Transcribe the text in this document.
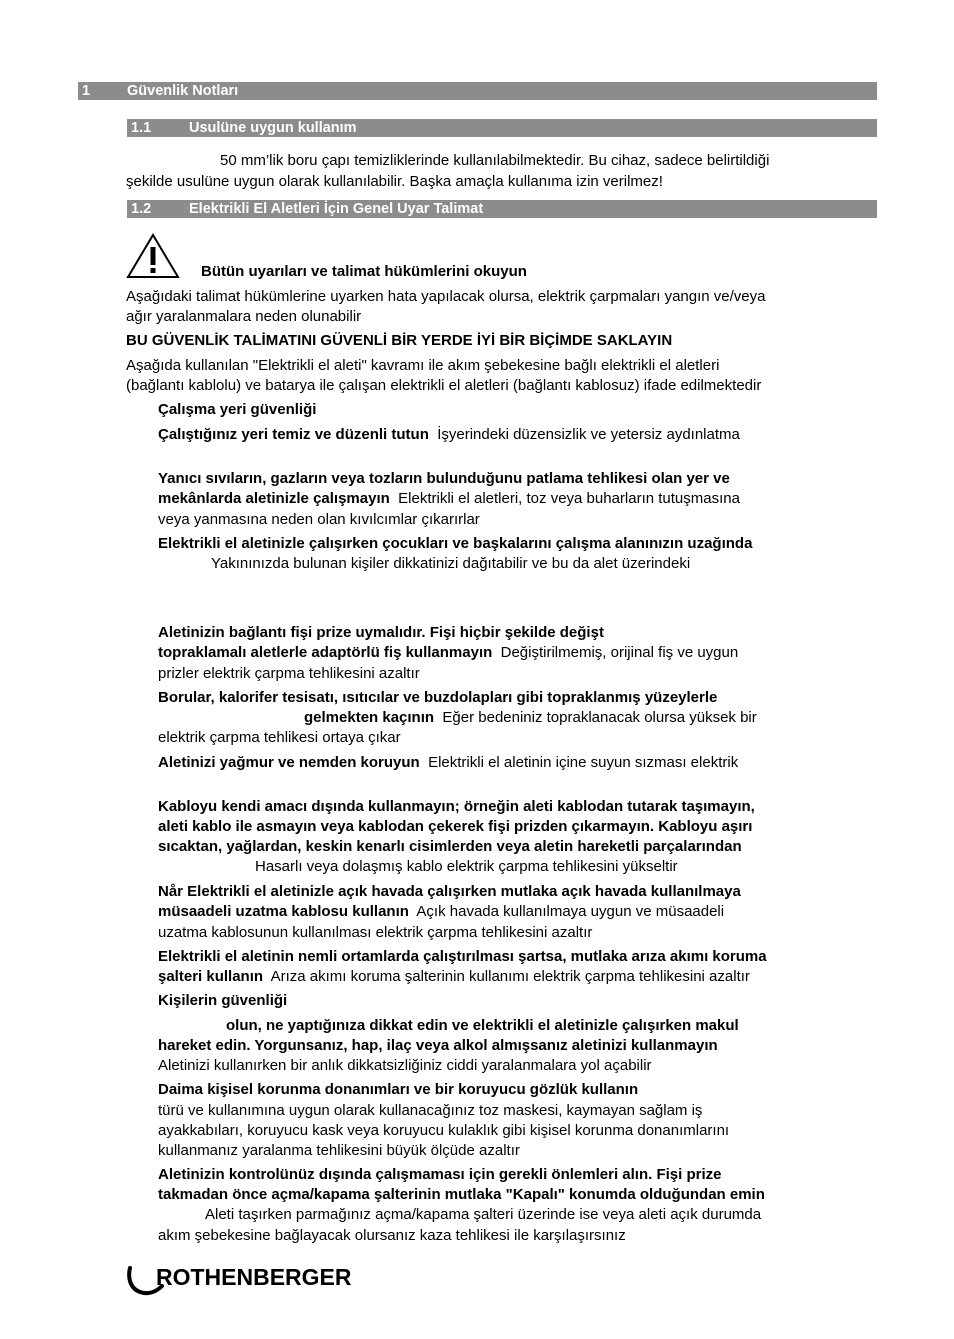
1	Güvenlik Notları
1.1	Usulüne uygun kullanım
50 mm’lik boru çapı temizliklerinde kullanılabilmektedir. Bu cihaz, sadece belirtildiği
şekilde usulüne uygun olarak kullanılabilir. Başka amaçla kullanıma izin verilmez!
1.2	Elektrikli El Aletleri İçin Genel Uyar Talimat
Bütün uyarıları ve talimat hükümlerini okuyun
Aşağıdaki talimat hükümlerine uyarken hata yapılacak olursa, elektrik çarpmaları yangın ve/veya
ağır yaralanmalara neden olunabilir
BU GÜVENLİK TALİMATINI GÜVENLİ BİR YERDE İYİ BİR BİÇİMDE SAKLAYIN
Aşağıda kullanılan "Elektrikli el aleti" kavramı ile akım şebekesine bağlı elektrikli el aletleri
(bağlantı kablolu) ve batarya ile çalışan elektrikli el aletleri (bağlantı kablosuz) ifade edilmektedir
Çalışma yeri güvenliği
Çalıştığınız yeri temiz ve düzenli tutun İşyerindeki düzensizlik ve yetersiz aydınlatma
Yanıcı sıvıların, gazların veya tozların bulunduğunu patlama tehlikesi olan yer ve
mekânlarda aletinizle çalışmayın Elektrikli el aletleri, toz veya buharların tutuşmasına
veya yanmasına neden olan kıvılcımlar çıkarırlar
Elektrikli el aletinizle çalışırken çocukları ve başkalarını çalışma alanınızın uzağında
Yakınınızda bulunan kişiler dikkatinizi dağıtabilir ve bu da alet üzerindeki
Aletinizin bağlantı fişi prize uymalıdır. Fişi hiçbir şekilde değişt
topraklamalı aletlerle adaptörlü fiş kullanmayın Değiştirilmemiş, orijinal fiş ve uygun
prizler elektrik çarpma tehlikesini azaltır
Borular, kalorifer tesisatı, ısıtıcılar ve buzdolapları gibi topraklanmış yüzeylerle
gelmekten kaçının Eğer bedeniniz topraklanacak olursa yüksek bir
elektrik çarpma tehlikesi ortaya çıkar
Aletinizi yağmur ve nemden koruyun Elektrikli el aletinin içine suyun sızması elektrik
Kabloyu kendi amacı dışında kullanmayın; örneğin aleti kablodan tutarak taşımayın,
aleti kablo ile asmayın veya kablodan çekerek fişi prizden çıkarmayın. Kabloyu aşırı
sıcaktan, yağlardan, keskin kenarlı cisimlerden veya aletin hareketli parçalarından
Hasarlı veya dolaşmış kablo elektrik çarpma tehlikesini yükseltir
Når Elektrikli el aletinizle açık havada çalışırken mutlaka açık havada kullanılmaya
müsaadeli uzatma kablosu kullanın Açık havada kullanılmaya uygun ve müsaadeli
uzatma kablosunun kullanılması elektrik çarpma tehlikesini azaltır
Elektrikli el aletinin nemli ortamlarda çalıştırılması şartsa, mutlaka arıza akımı koruma
şalteri kullanın Arıza akımı koruma şalterinin kullanımı elektrik çarpma tehlikesini azaltır
Kişilerin güvenliği
olun, ne yaptığınıza dikkat edin ve elektrikli el aletinizle çalışırken makul
hareket edin. Yorgunsanız, hap, ilaç veya alkol almışsanız aletinizi kullanmayın
Aletinizi kullanırken bir anlık dikkatsizliğiniz ciddi yaralanmalara yol açabilir
Daima kişisel korunma donanımları ve bir koruyucu gözlük kullanın
türü ve kullanımına uygun olarak kullanacağınız toz maskesi, kaymayan sağlam iş
ayakkabıları, koruyucu kask veya koruyucu kulaklık gibi kişisel korunma donanımlarını
kullanmanız yaralanma tehlikesini büyük ölçüde azaltır
Aletinizin kontrolünüz dışında çalışmaması için gerekli önlemleri alın. Fişi prize
takmadan önce açma/kapama şalterinin mutlaka "Kapalı" konumda olduğundan emin
Aleti taşırken parmağınız açma/kapama şalteri üzerinde ise veya aleti açık durumda
akım şebekesine bağlayacak olursanız kaza tehlikesi ile karşılaşırsınız
ROTHENBERGER
